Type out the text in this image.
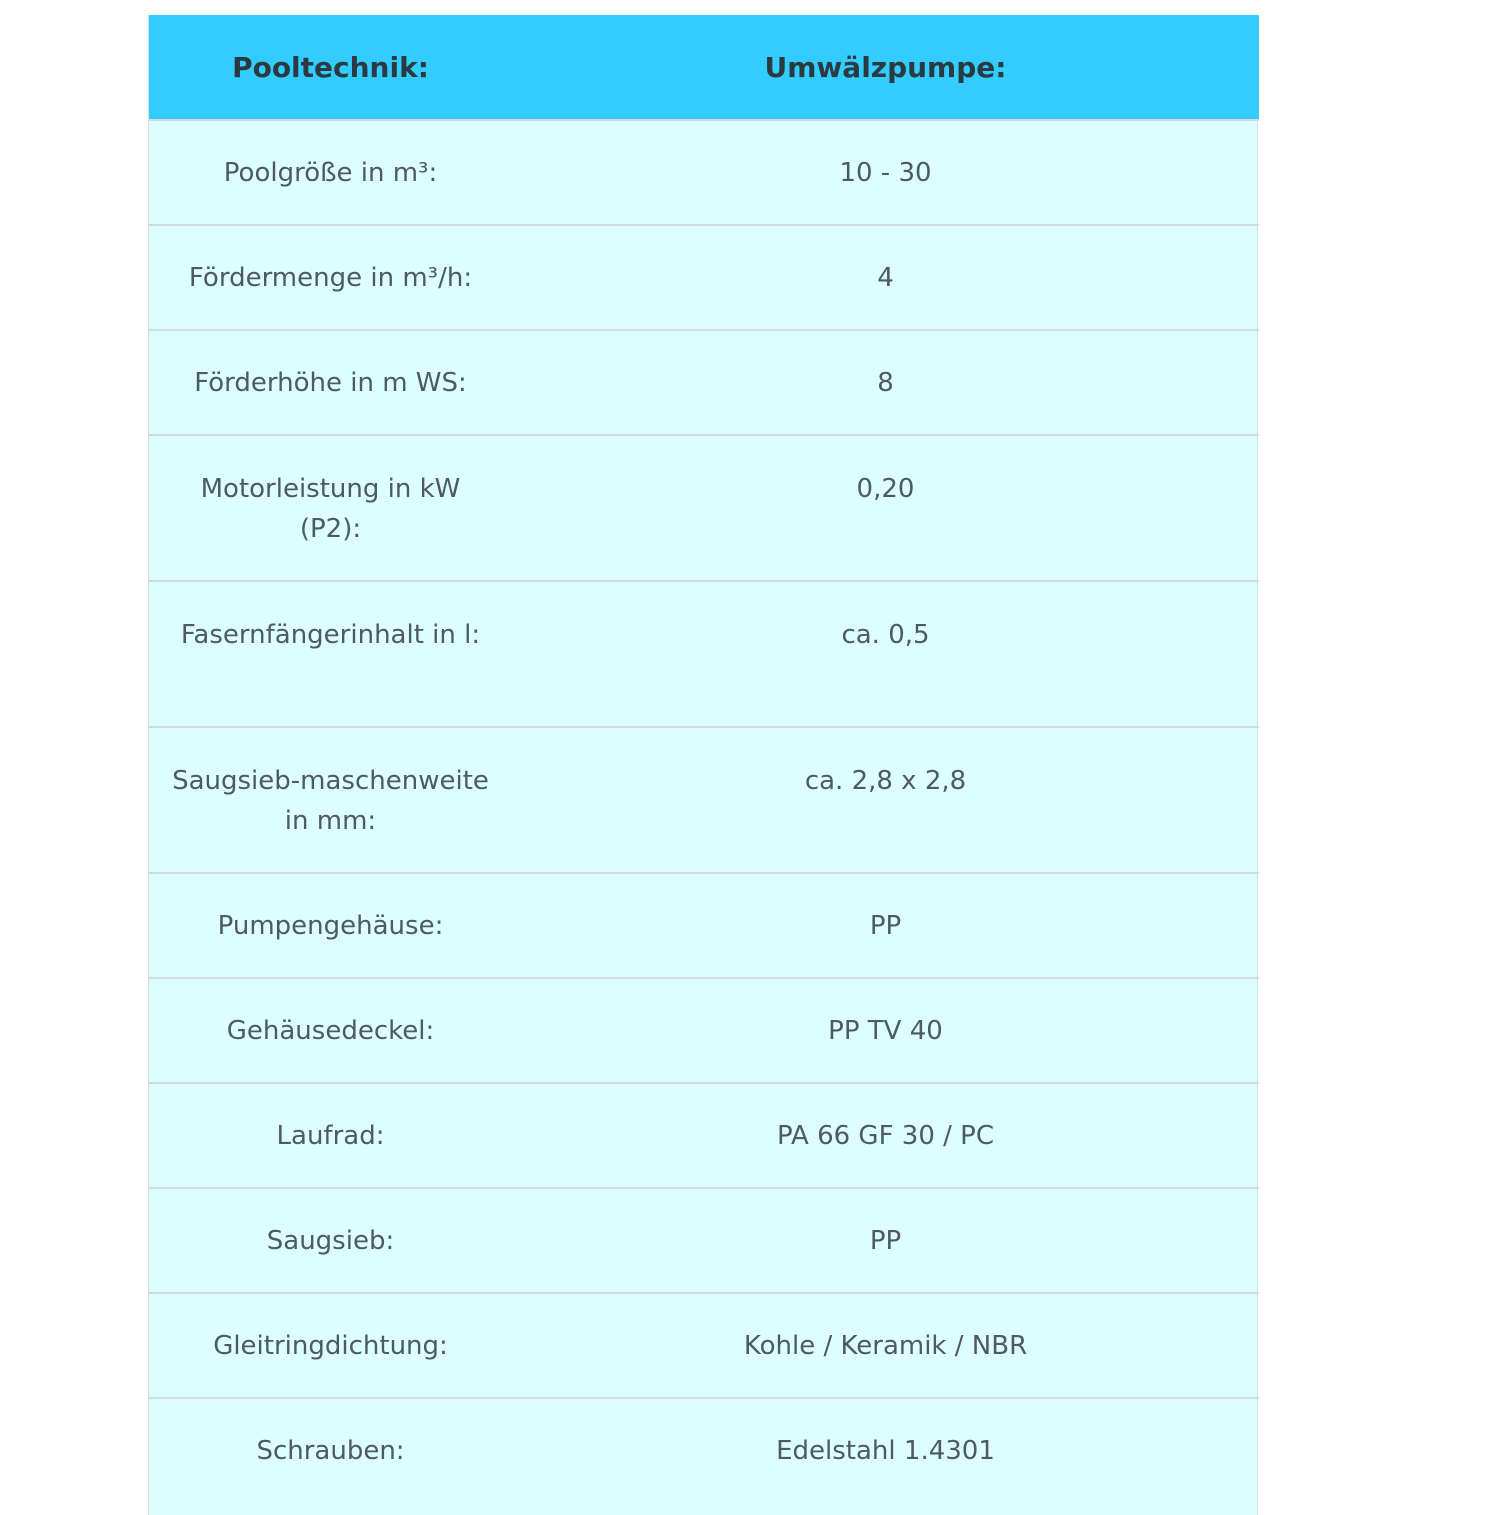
Pooltechnik:	Umwälzpumpe:
Poolgröße in m³:	10 - 30
Fördermenge in m³/h:	4
Förderhöhe in m WS:	8
Motorleistung in kW (P2):	0,20

Fasernfängerinhalt in l:	ca. 0,5

Saugsieb-maschenweite in mm:	ca. 2,8 x 2,8

Pumpengehäuse:	PP
Gehäusedeckel:	PP TV 40
Laufrad:	PA 66 GF 30 / PC
Saugsieb:	PP
Gleitringdichtung:	Kohle / Keramik / NBR
Schrauben:	Edelstahl 1.4301
